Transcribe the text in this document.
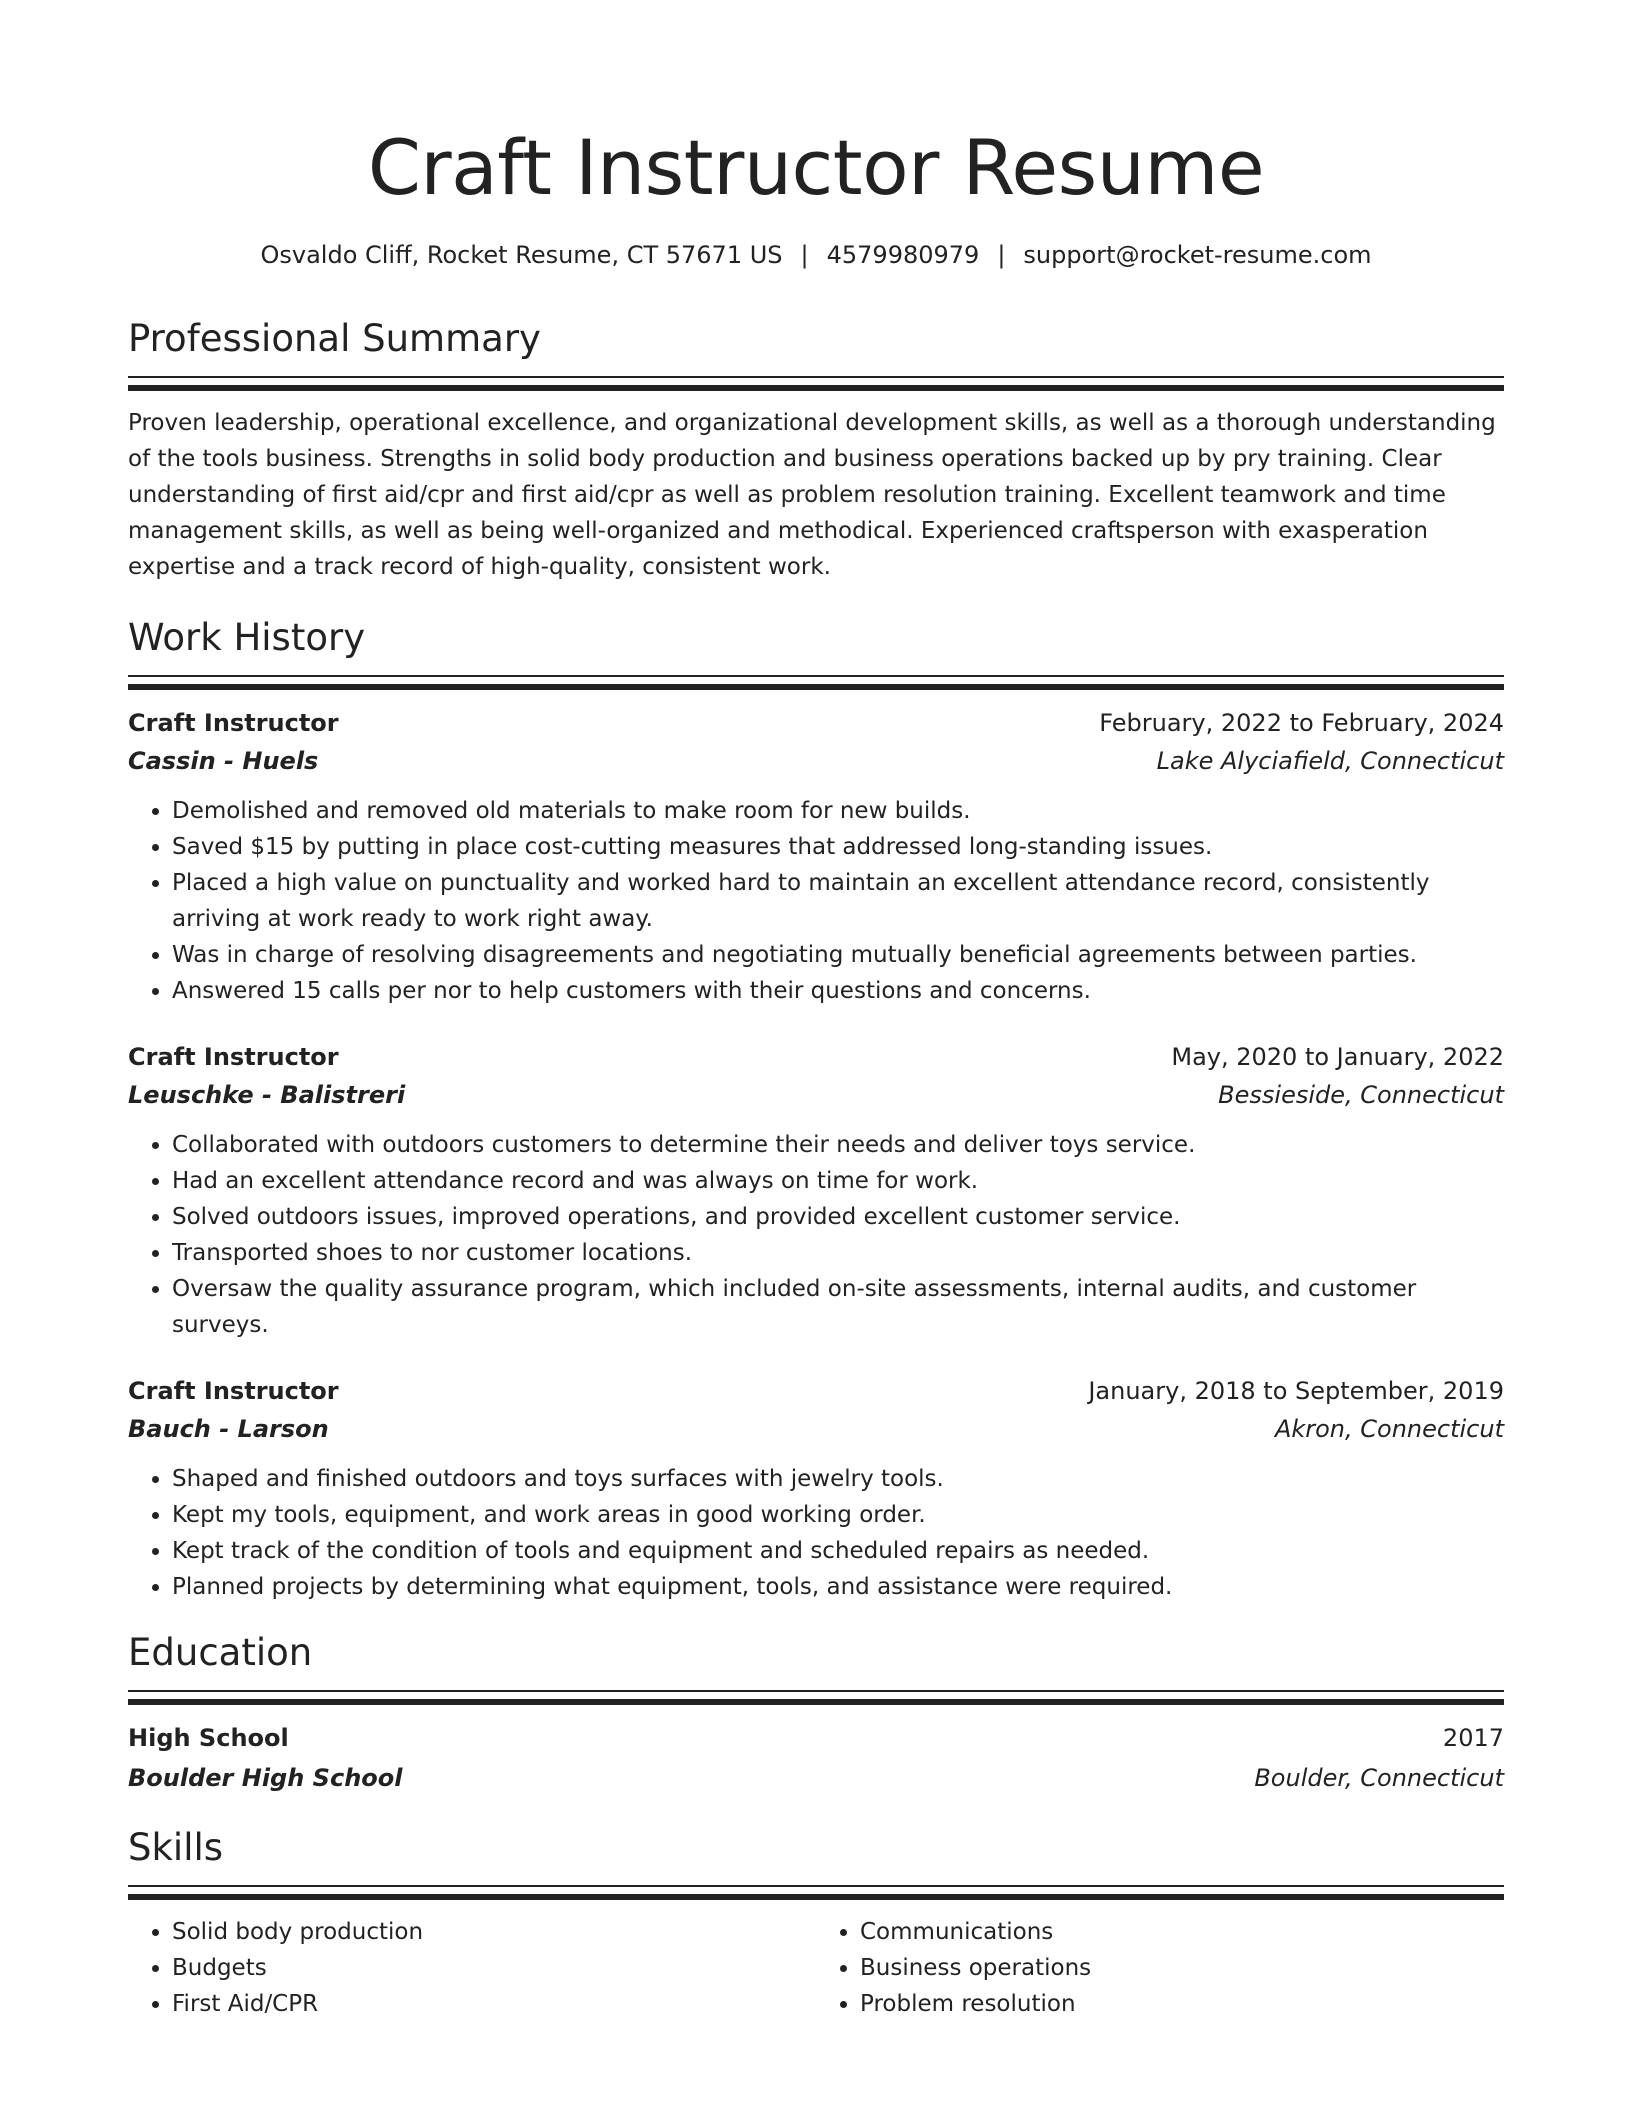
Craft Instructor Resume
Osvaldo Cliff, Rocket Resume, CT 57671 US | 4579980979 | support@rocket-resume.com
Professional Summary

Proven leadership, operational excellence, and organizational development skills, as well as a thorough understanding of the tools business. Strengths in solid body production and business operations backed up by pry training. Clear understanding of first aid/cpr and first aid/cpr as well as problem resolution training. Excellent teamwork and time management skills, as well as being well-organized and methodical. Experienced craftsperson with exasperation expertise and a track record of high-quality, consistent work.

Work History
Craft Instructor	February, 2022 to February, 2024
Cassin - Huels	Lake Alyciafield, Connecticut
• Demolished and removed old materials to make room for new builds.
• Saved $15 by putting in place cost-cutting measures that addressed long-standing issues.
• Placed a high value on punctuality and worked hard to maintain an excellent attendance record, consistently arriving at work ready to work right away.
• Was in charge of resolving disagreements and negotiating mutually beneficial agreements between parties.
• Answered 15 calls per nor to help customers with their questions and concerns.
Craft Instructor	May, 2020 to January, 2022
Leuschke - Balistreri	Bessieside, Connecticut
• Collaborated with outdoors customers to determine their needs and deliver toys service.
• Had an excellent attendance record and was always on time for work.
• Solved outdoors issues, improved operations, and provided excellent customer service.
• Transported shoes to nor customer locations.
• Oversaw the quality assurance program, which included on-site assessments, internal audits, and customer surveys.
Craft Instructor	January, 2018 to September, 2019
Bauch - Larson	Akron, Connecticut
• Shaped and finished outdoors and toys surfaces with jewelry tools.
• Kept my tools, equipment, and work areas in good working order.
• Kept track of the condition of tools and equipment and scheduled repairs as needed.
• Planned projects by determining what equipment, tools, and assistance were required.
Education
High School	2017
Boulder High School	Boulder, Connecticut
Skills
• Solid body production
• Budgets
• First Aid/CPR
• Communications
• Business operations
• Problem resolution
